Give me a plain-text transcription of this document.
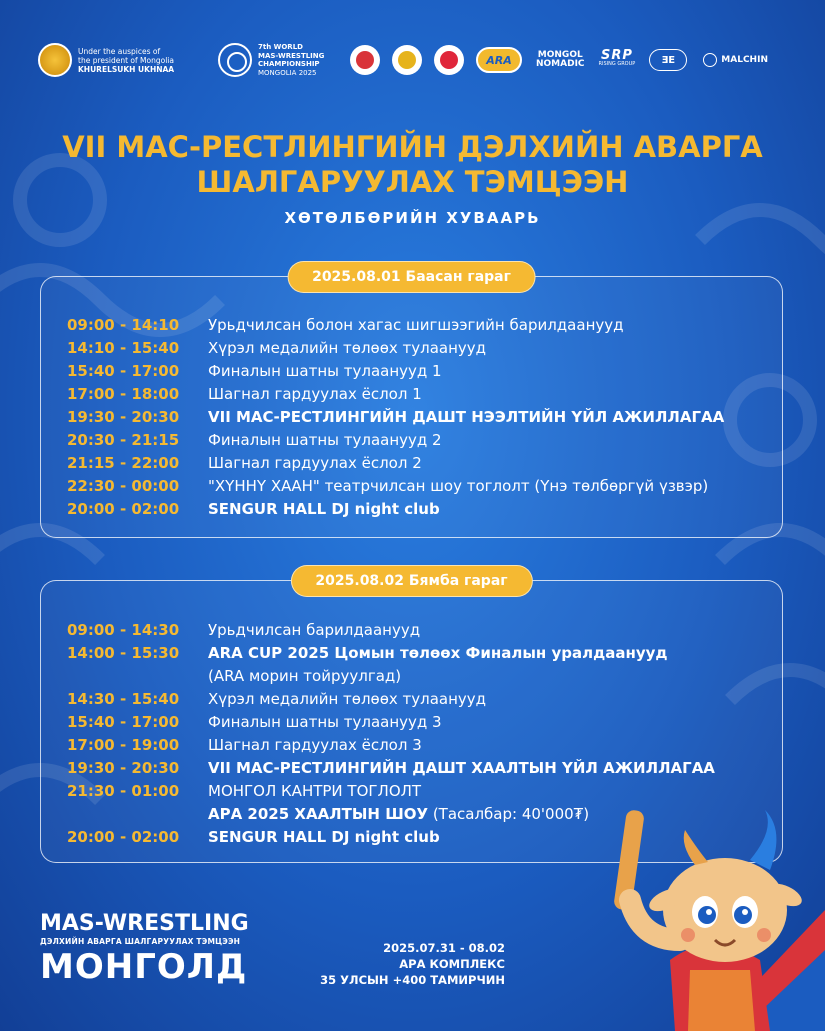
Under the auspices of
the president of Mongolia
KHURELSUKH UKHNAA
7th WORLD
MAS-WRESTLING
CHAMPIONSHIP
MONGOLIA 2025
ARA	MONGOL
NOMADIC
SRP
RISING GROUP	ƎE	MALCHIN
VII МАС-РЕСТЛИНГИЙН ДЭЛХИЙН АВАРГА
ШАЛГАРУУЛАХ ТЭМЦЭЭН
ХӨТӨЛБӨРИЙН ХУВААРЬ
2025.08.01 Баасан гараг
09:00 - 14:10	Урьдчилсан болон хагас шигшээгийн барилдаанууд
14:10 - 15:40	Хүрэл медалийн төлөөх тулаанууд
15:40 - 17:00	Финалын шатны тулаанууд 1
17:00 - 18:00	Шагнал гардуулах ёслол 1
19:30 - 20:30	VII МАС-РЕСТЛИНГИЙН ДАШТ НЭЭЛТИЙН ҮЙЛ АЖИЛЛАГАА
20:30 - 21:15	Финалын шатны тулаанууд 2
21:15 - 22:00	Шагнал гардуулах ёслол 2
22:30 - 00:00	"ХҮННҮ ХААН" театрчилсан шоу тоглолт (Үнэ төлбөргүй үзвэр)
20:00 - 02:00	SENGUR HALL DJ night club
2025.08.02 Бямба гараг
09:00 - 14:30	Урьдчилсан барилдаанууд
14:00 - 15:30	ARA CUP 2025 Цомын төлөөх Финалын уралдаанууд
(ARA морин тойруулгад)
14:30 - 15:40	Хүрэл медалийн төлөөх тулаанууд
15:40 - 17:00	Финалын шатны тулаанууд 3
17:00 - 19:00	Шагнал гардуулах ёслол 3
19:30 - 20:30	VII МАС-РЕСТЛИНГИЙН ДАШТ ХААЛТЫН ҮЙЛ АЖИЛЛАГАА
21:30 - 01:00	МОНГОЛ КАНТРИ ТОГЛОЛТ
АРА 2025 ХААЛТЫН ШОУ (Тасалбар: 40'000₮)
20:00 - 02:00	SENGUR HALL DJ night club
MAS-WRESTLING
ДЭЛХИЙН АВАРГА ШАЛГАРУУЛАХ ТЭМЦЭЭН
МОНГОЛД	2025.07.31 - 08.02
АРА КОМПЛЕКС
35 УЛСЫН +400 ТАМИРЧИН
